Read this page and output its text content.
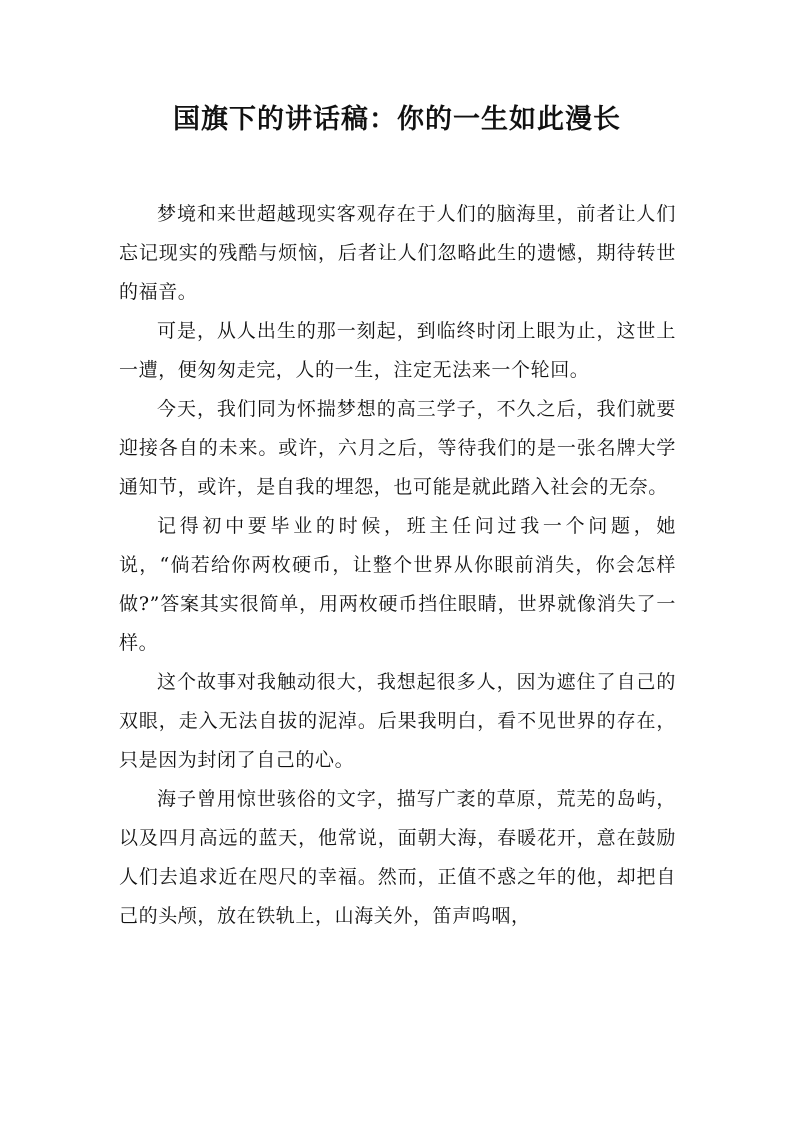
国旗下的讲话稿：你的一生如此漫长

梦境和来世超越现实客观存在于人们的脑海里，前者让人们忘记现实的残酷与烦恼，后者让人们忽略此生的遗憾，期待转世的福音。

可是，从人出生的那一刻起，到临终时闭上眼为止，这世上一遭，便匆匆走完，人的一生，注定无法来一个轮回。

今天，我们同为怀揣梦想的高三学子，不久之后，我们就要迎接各自的未来。或许，六月之后，等待我们的是一张名牌大学通知节，或许，是自我的埋怨，也可能是就此踏入社会的无奈。

记得初中要毕业的时候，班主任问过我一个问题，她说，“倘若给你两枚硬币，让整个世界从你眼前消失，你会怎样做?”答案其实很简单，用两枚硬币挡住眼睛，世界就像消失了一样。

这个故事对我触动很大，我想起很多人，因为遮住了自己的双眼，走入无法自拔的泥淖。后果我明白，看不见世界的存在，只是因为封闭了自己的心。

海子曾用惊世骇俗的文字，描写广袤的草原，荒芜的岛屿，以及四月高远的蓝天，他常说，面朝大海，春暖花开，意在鼓励人们去追求近在咫尺的幸福。然而，正值不惑之年的他，却把自己的头颅，放在铁轨上，山海关外，笛声呜咽，
